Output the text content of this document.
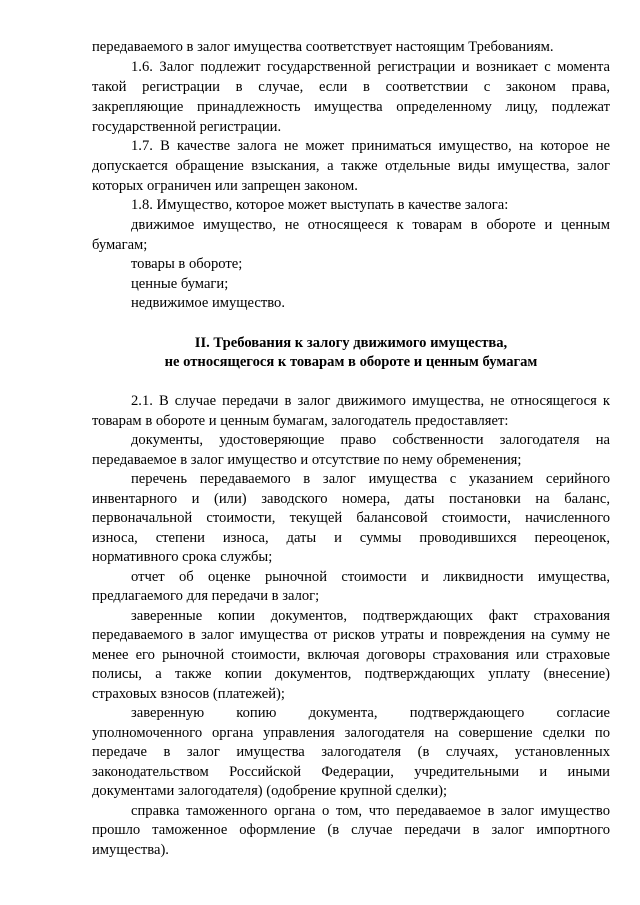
передаваемого в залог имущества соответствует настоящим Требованиям.
1.6. Залог подлежит государственной регистрации и возникает с момента
такой регистрации в случае, если в соответствии с законом права,
закрепляющие принадлежность имущества определенному лицу, подлежат
государственной регистрации.
1.7. В качестве залога не может приниматься имущество, на которое не
допускается обращение взыскания, а также отдельные виды имущества, залог
которых ограничен или запрещен законом.
1.8. Имущество, которое может выступать в качестве залога:
движимое имущество, не относящееся к товарам в обороте и ценным
бумагам;
товары в обороте;
ценные бумаги;
недвижимое имущество.
II. Требования к залогу движимого имущества,
не относящегося к товарам в обороте и ценным бумагам
2.1. В случае передачи в залог движимого имущества, не относящегося к
товарам в обороте и ценным бумагам, залогодатель предоставляет:
документы, удостоверяющие право собственности залогодателя на
передаваемое в залог имущество и отсутствие по нему обременения;
перечень передаваемого в залог имущества с указанием серийного
инвентарного и (или) заводского номера, даты постановки на баланс,
первоначальной стоимости, текущей балансовой стоимости, начисленного
износа, степени износа, даты и суммы проводившихся переоценок,
нормативного срока службы;
отчет об оценке рыночной стоимости и ликвидности имущества,
предлагаемого для передачи в залог;
заверенные копии документов, подтверждающих факт страхования
передаваемого в залог имущества от рисков утраты и повреждения на сумму не
менее его рыночной стоимости, включая договоры страхования или страховые
полисы, а также копии документов, подтверждающих уплату (внесение)
страховых взносов (платежей);
заверенную копию документа, подтверждающего согласие
уполномоченного органа управления залогодателя на совершение сделки по
передаче в залог имущества залогодателя (в случаях, установленных
законодательством Российской Федерации, учредительными и иными
документами залогодателя) (одобрение крупной сделки);
справка таможенного органа о том, что передаваемое в залог имущество
прошло таможенное оформление (в случае передачи в залог импортного
имущества).
